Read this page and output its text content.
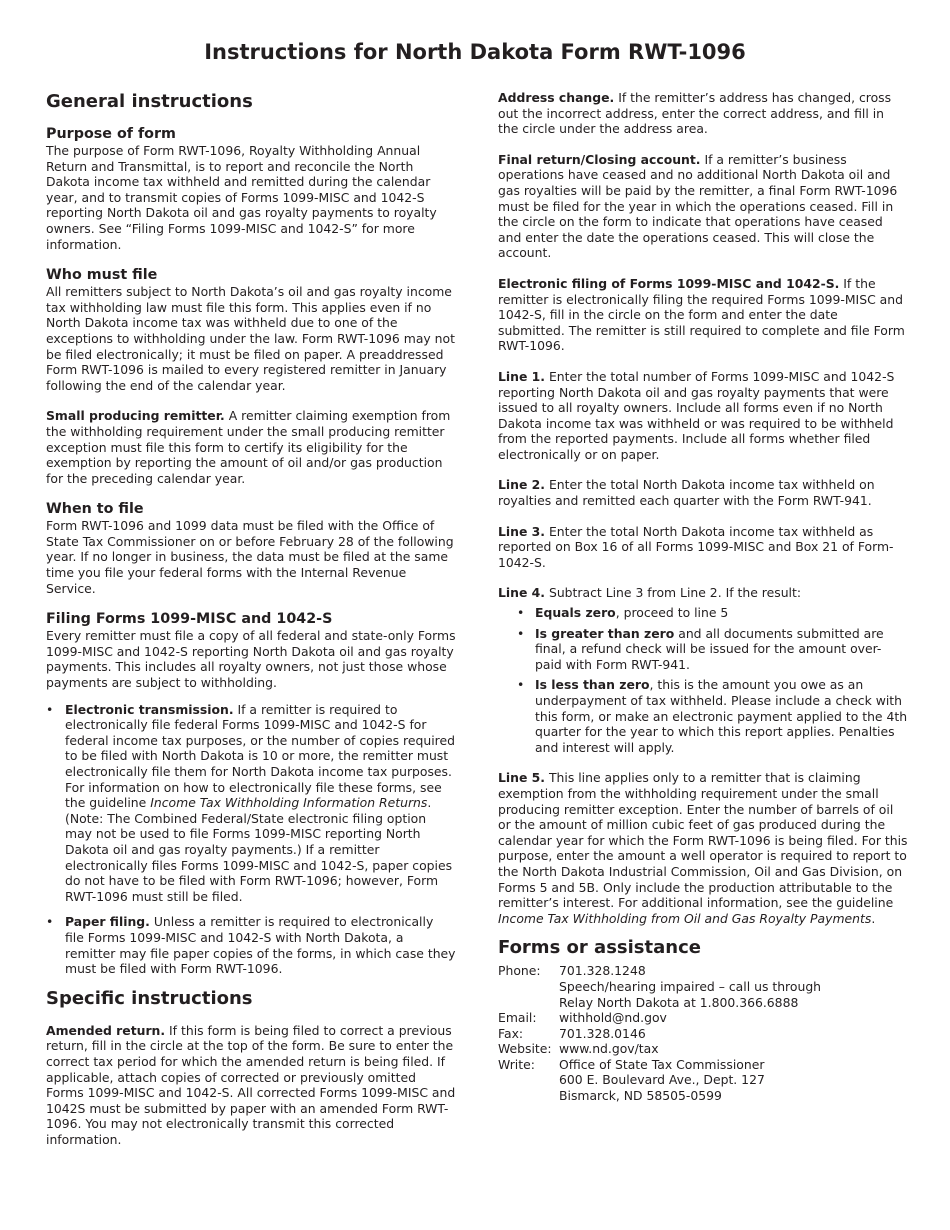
Instructions for North Dakota Form RWT-1096
General instructions
Purpose of form

The purpose of Form RWT-1096, Royalty Withholding Annual Return and Transmittal, is to report and reconcile the North Dakota income tax withheld and remitted during the calendar year, and to transmit copies of Forms 1099-MISC and 1042-S reporting North Dakota oil and gas royalty payments to royalty owners. See “Filing Forms 1099-MISC and 1042-S” for more information.

Who must file

All remitters subject to North Dakota’s oil and gas royalty income tax withholding law must file this form. This applies even if no North Dakota income tax was withheld due to one of the exceptions to withholding under the law. Form RWT-1096 may not be filed electronically; it must be filed on paper. A preaddressed Form RWT-1096 is mailed to every registered remitter in January following the end of the calendar year.

Small producing remitter. A remitter claiming exemption from the withholding requirement under the small producing remitter exception must file this form to certify its eligibility for the exemption by reporting the amount of oil and/or gas production for the preceding calendar year.

When to file

Form RWT-1096 and 1099 data must be filed with the Office of State Tax Commissioner on or before February 28 of the following year. If no longer in business, the data must be filed at the same time you file your federal forms with the Internal Revenue Service.

Filing Forms 1099-MISC and 1042-S

Every remitter must file a copy of all federal and state-only Forms 1099-MISC and 1042-S reporting North Dakota oil and gas royalty payments. This includes all royalty owners, not just those whose payments are subject to withholding.

• Electronic transmission. If a remitter is required to electronically file federal Forms 1099-MISC and 1042-S for federal income tax purposes, or the number of copies required to be filed with North Dakota is 10 or more, the remitter must electronically file them for North Dakota income tax purposes. For information on how to electronically file these forms, see the guideline Income Tax Withholding Information Returns. (Note: The Combined Federal/State electronic filing option may not be used to file Forms 1099-MISC reporting North Dakota oil and gas royalty payments.) If a remitter electronically files Forms 1099-MISC and 1042-S, paper copies do not have to be filed with Form RWT-1096; however, Form RWT-1096 must still be filed.
• Paper filing. Unless a remitter is required to electronically file Forms 1099-MISC and 1042-S with North Dakota, a remitter may file paper copies of the forms, in which case they must be filed with Form RWT-1096.
Specific instructions

Amended return. If this form is being filed to correct a previous return, fill in the circle at the top of the form. Be sure to enter the correct tax period for which the amended return is being filed. If applicable, attach copies of corrected or previously omitted Forms 1099-MISC and 1042-S. All corrected Forms 1099-MISC and 1042S must be submitted by paper with an amended Form RWT-1096. You may not electronically transmit this corrected information.

Address change. If the remitter’s address has changed, cross out the incorrect address, enter the correct address, and fill in the circle under the address area.

Final return/Closing account. If a remitter’s business operations have ceased and no additional North Dakota oil and gas royalties will be paid by the remitter, a final Form RWT-1096 must be filed for the year in which the operations ceased. Fill in the circle on the form to indicate that operations have ceased and enter the date the operations ceased. This will close the account.

Electronic filing of Forms 1099-MISC and 1042-S. If the remitter is electronically filing the required Forms 1099-MISC and 1042-S, fill in the circle on the form and enter the date submitted. The remitter is still required to complete and file Form RWT-1096.

Line 1. Enter the total number of Forms 1099-MISC and 1042-S reporting North Dakota oil and gas royalty payments that were issued to all royalty owners. Include all forms even if no North Dakota income tax was withheld or was required to be withheld from the reported payments. Include all forms whether filed electronically or on paper.

Line 2. Enter the total North Dakota income tax withheld on royalties and remitted each quarter with the Form RWT-941.

Line 3. Enter the total North Dakota income tax withheld as reported on Box 16 of all Forms 1099-MISC and Box 21 of Form-1042-S.

Line 4. Subtract Line 3 from Line 2. If the result:

• Equals zero, proceed to line 5
• Is greater than zero and all documents submitted are final, a refund check will be issued for the amount over-paid with Form RWT-941.
• Is less than zero, this is the amount you owe as an underpayment of tax withheld. Please include a check with this form, or make an electronic payment applied to the 4th quarter for the year to which this report applies. Penalties and interest will apply.

Line 5. This line applies only to a remitter that is claiming exemption from the withholding requirement under the small producing remitter exception. Enter the number of barrels of oil or the amount of million cubic feet of gas produced during the calendar year for which the Form RWT-1096 is being filed. For this purpose, enter the amount a well operator is required to report to the North Dakota Industrial Commission, Oil and Gas Division, on Forms 5 and 5B. Only include the production attributable to the remitter’s interest. For additional information, see the guideline Income Tax Withholding from Oil and Gas Royalty Payments.

Forms or assistance
Phone:	701.328.1248
Speech/hearing impaired – call us through
Relay North Dakota at 1.800.366.6888
Email:	withhold@nd.gov
Fax:	701.328.0146
Website: www.nd.gov/tax
Write:	Office of State Tax Commissioner
600 E. Boulevard Ave., Dept. 127
Bismarck, ND 58505-0599
